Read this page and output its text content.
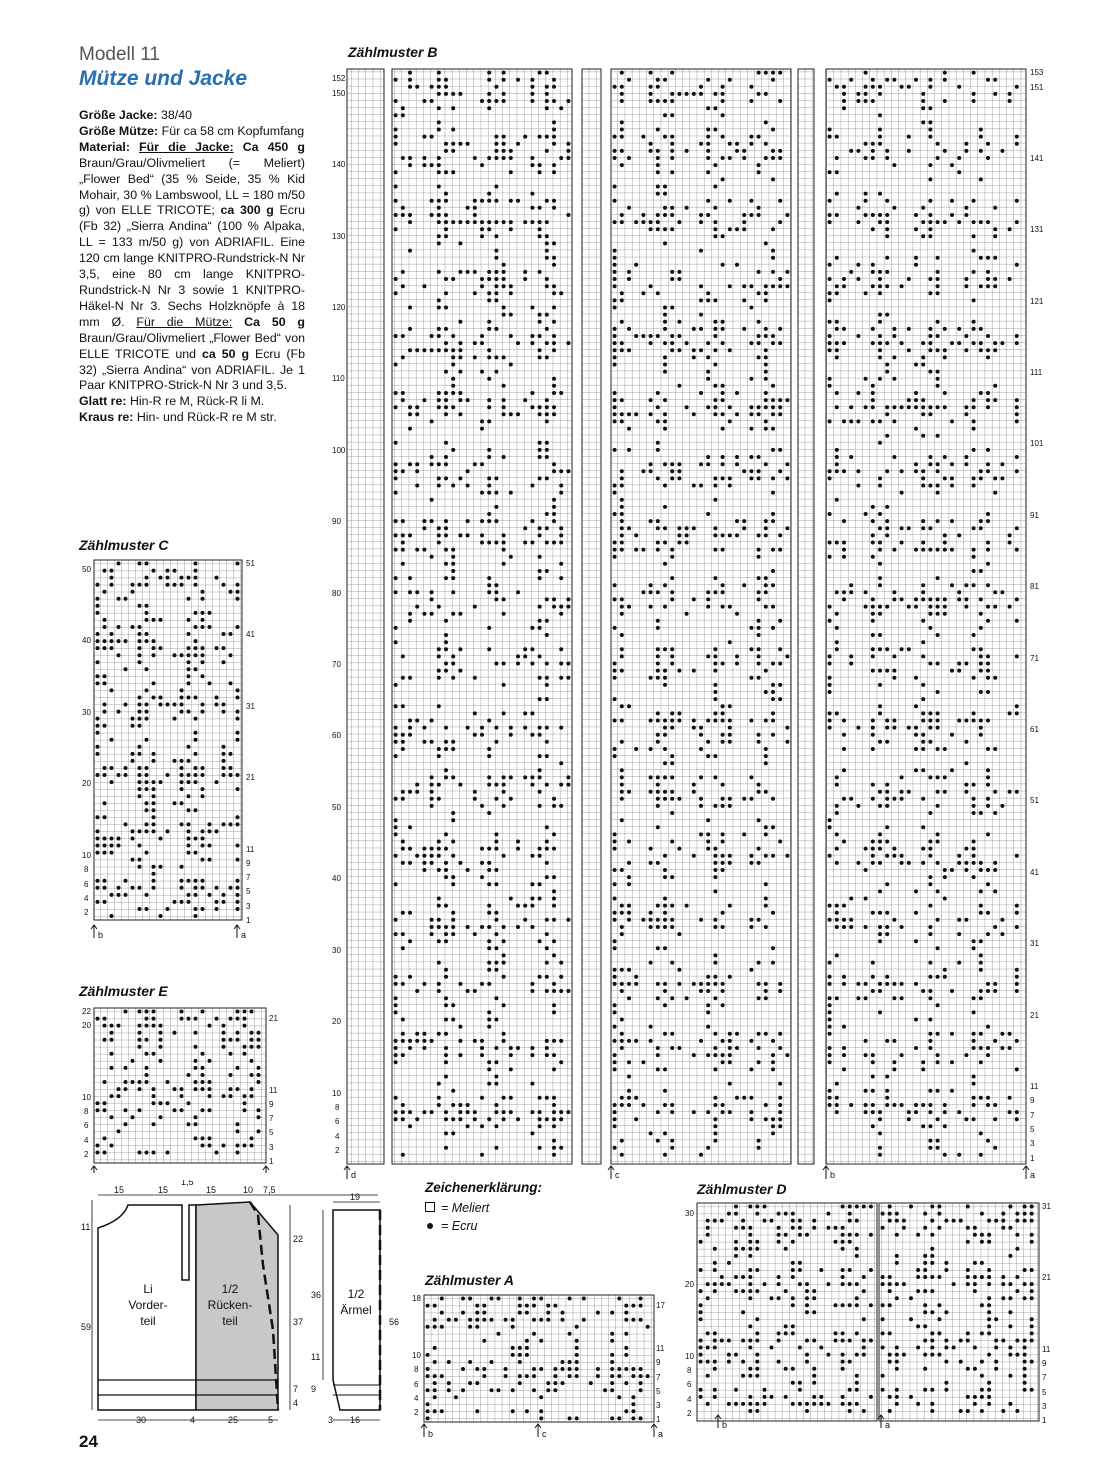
Modell 11
Mütze und Jacke
Größe Jacke: 38/40
Größe Mütze: Für ca 58 cm Kopfumfang
Material: Für die Jacke: Ca 450 g Braun/Grau/Olivmeliert (= Meliert) „Flower Bed“ (35 % Seide, 35 % Kid Mohair, 30 % Lambswool, LL = 180 m/50 g) von ELLE TRICOTE; ca 300 g Ecru (Fb 32) „Sierra Andina“ (100 % Alpaka, LL = 133 m/50 g) von ADRIAFIL. Eine 120 cm lange KNITPRO-Rundstrick-N Nr 3,5, eine 80 cm lange KNITPRO-Rundstrick-N Nr 3 sowie 1 KNITPRO-Häkel-N Nr 3. Sechs Holzknöpfe à 18 mm Ø. Für die Mütze: Ca 50 g Braun/Grau/Olivmeliert „Flower Bed“ von ELLE TRICOTE und ca 50 g Ecru (Fb 32) „Sierra Andina“ von ADRIAFIL. Je 1 Paar KNITPRO-Strick-N Nr 3 und 3,5.
Glatt re: Hin-R re M, Rück-R li M.
Kraus re: Hin- und Rück-R re M str.
Zählmuster B
Zählmuster C
Zählmuster E
Zählmuster A
Zählmuster D
152
150
140
130
120
110
100
90
80
70
60
50
40
30
20
10
8
6
4
2
153
151
141
131
121
111
101
91
81
71
61
51
41
31
21
11
9
7
5
3
1
d	c	b	a
50
40
30
20
10
8
6
4
2
51
41
31
21
11
9
7
5
3
1
b	a
22
20
10
8
6
4
2
21
11
9
7
5
3
1
15	15
1,5
15	10 7,5
Li
Vorder-
teil
1/2
Rücken-
teil
11
59
22
37
7
4
30	4	25	5
1/2
Ärmel
19
36
56
11
9
3 16
Zeichenerklärung:
= Meliert
= Ecru
18
10
8
6
4
2
17
11
9
7
5
3
1
b	c	a
30
20
10
8
6
4
2
31
21
11
9
7
5
3
1
b	a
24
